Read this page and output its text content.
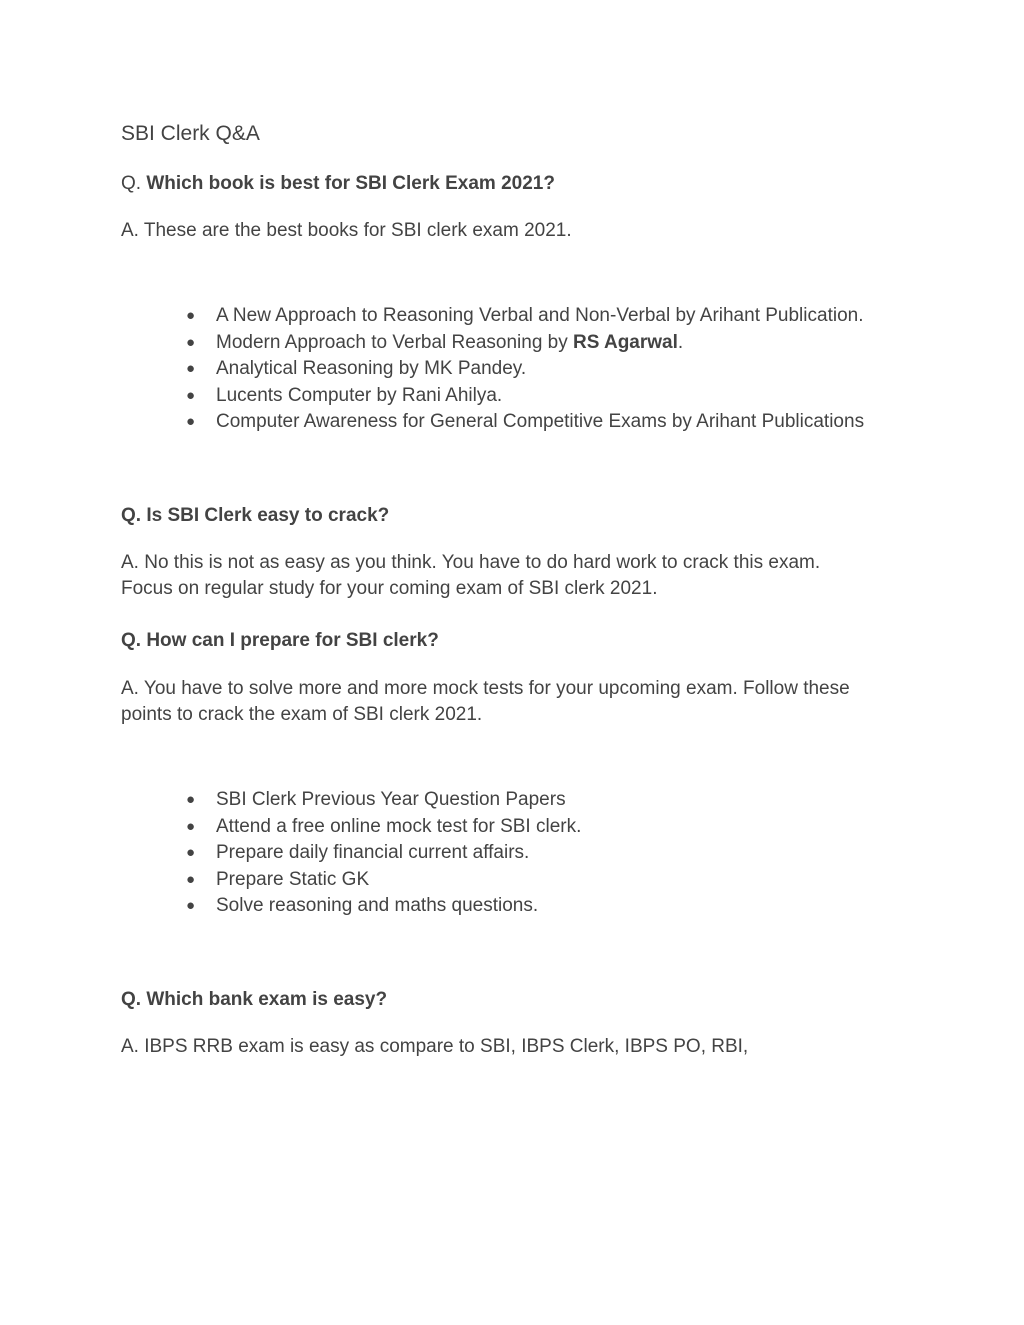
SBI Clerk Q&A

Q. Which book is best for SBI Clerk Exam 2021?

A. These are the best books for SBI clerk exam 2021.

● A New Approach to Reasoning Verbal and Non-Verbal by Arihant Publication.
● Modern Approach to Verbal Reasoning by RS Agarwal.
● Analytical Reasoning by MK Pandey.
● Lucents Computer by Rani Ahilya.
● Computer Awareness for General Competitive Exams by Arihant Publications

Q. Is SBI Clerk easy to crack?

A. No this is not as easy as you think. You have to do hard work to crack this exam.

Focus on regular study for your coming exam of SBI clerk 2021.

Q. How can I prepare for SBI clerk?

A. You have to solve more and more mock tests for your upcoming exam. Follow these

points to crack the exam of SBI clerk 2021.

● SBI Clerk Previous Year Question Papers
● Attend a free online mock test for SBI clerk.
● Prepare daily financial current affairs.
● Prepare Static GK
● Solve reasoning and maths questions.

Q. Which bank exam is easy?

A. IBPS RRB exam is easy as compare to SBI, IBPS Clerk, IBPS PO, RBI,
